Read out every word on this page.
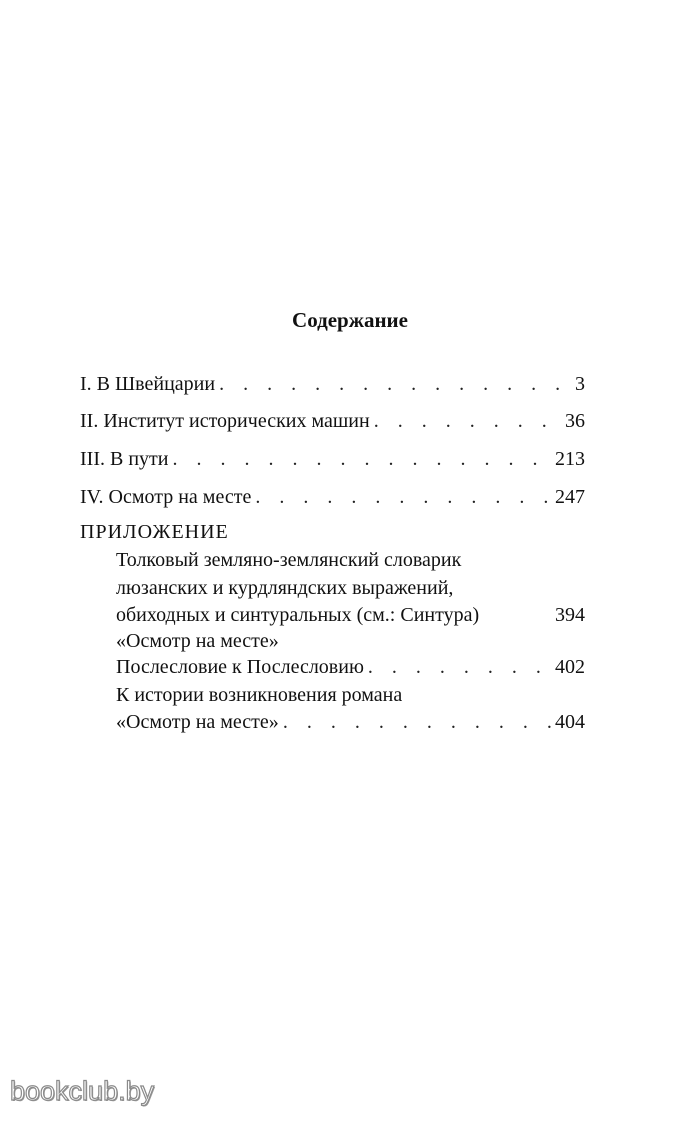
Содержание
I. В Швейцарии . . .	3
II. Институт исторических машин . . .	36
III. В пути . . .	213
IV. Осмотр на месте . . .	247
ПРИЛОЖЕНИЕ
Толковый земляно-землянский словарик
люзанских и курдляндских выражений,
обиходных и синтуральных (см.: Синтура)	394
«Осмотр на месте»
Послесловие к Послесловию . . .	402
К истории возникновения романа
«Осмотр на месте» . . .	404
bookclub.by
